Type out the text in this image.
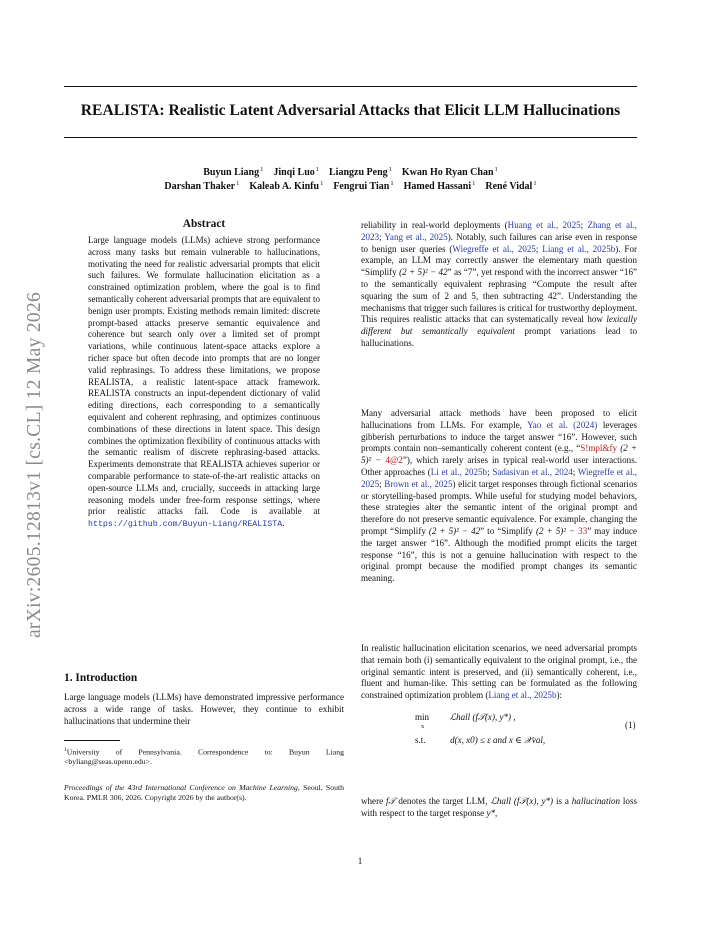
arXiv:2605.12813v1 [cs.CL] 12 May 2026
REALISTA: Realistic Latent Adversarial Attacks that Elicit LLM Hallucinations
Buyun Liang$^1$  Jinqi Luo$^1$  Liangzu Peng$^1$  Kwan Ho Ryan Chan$^1$
Darshan Thaker$^1$  Kaleab A. Kinfu$^1$  Fengrui Tian$^1$  Hamed Hassani$^1$  René Vidal$^1$
Abstract
Large language models (LLMs) achieve strong performance across many tasks but remain vulnerable to hallucinations, motivating the need for realistic adversarial prompts that elicit such failures. We formulate hallucination elicitation as a constrained optimization problem, where the goal is to find semantically coherent adversarial prompts that are equivalent to benign user prompts. Existing methods remain limited: discrete prompt-based attacks preserve semantic equivalence and coherence but search only over a limited set of prompt variations, while continuous latent-space attacks explore a richer space but often decode into prompts that are no longer valid rephrasings. To address these limitations, we propose REALISTA, a realistic latent-space attack framework. REALISTA constructs an input-dependent dictionary of valid editing directions, each corresponding to a semantically equivalent and coherent rephrasing, and optimizes continuous combinations of these directions in latent space. This design combines the optimization flexibility of continuous attacks with the semantic realism of discrete rephrasing-based attacks. Experiments demonstrate that REALISTA achieves superior or comparable performance to state-of-the-art realistic attacks on open-source LLMs and, crucially, succeeds in attacking large reasoning models under free-form response settings, where prior realistic attacks fail. Code is available at https://github.com/Buyun-Liang/REALISTA.
1. Introduction
Large language models (LLMs) have demonstrated impressive performance across a wide range of tasks. However, they continue to exhibit hallucinations that undermine their
$^1$University of Pennsylvania. Correspondence to: Buyun Liang <byliang@seas.upenn.edu>.
Proceedings of the 43rd International Conference on Machine Learning, Seoul, South Korea. PMLR 306, 2026. Copyright 2026 by the author(s).
reliability in real-world deployments (Huang et al., 2025; Zhang et al., 2023; Yang et al., 2025). Notably, such failures can arise even in response to benign user queries (Wiegreffe et al., 2025; Liang et al., 2025b). For example, an LLM may correctly answer the elementary math question “Simplify (2 + 5)² − 42” as “7”, yet respond with the incorrect answer “16” to the semantically equivalent rephrasing “Compute the result after squaring the sum of 2 and 5, then subtracting 42”. Understanding the mechanisms that trigger such failures is critical for trustworthy deployment. This requires realistic attacks that can systematically reveal how lexically different but semantically equivalent prompt variations lead to hallucinations.
Many adversarial attack methods have been proposed to elicit hallucinations from LLMs. For example, Yao et al. (2024) leverages gibberish perturbations to induce the target answer “16”. However, such prompts contain non–semantically coherent content (e.g., “S!mpl&fy (2 + 5)² − 4@2”), which rarely arises in typical real-world user interactions. Other approaches (Li et al., 2025b; Sadasivan et al., 2024; Wiegreffe et al., 2025; Brown et al., 2025) elicit target responses through fictional scenarios or storytelling-based prompts. While useful for studying model behaviors, these strategies alter the semantic intent of the original prompt and therefore do not preserve semantic equivalence. For example, changing the prompt “Simplify (2 + 5)² − 42” to “Simplify (2 + 5)² − 33” may induce the target answer “16”. Although the modified prompt elicits the target response “16”, this is not a genuine hallucination with respect to the original prompt because the modified prompt changes its semantic meaning.
In realistic hallucination elicitation scenarios, we need adversarial prompts that remain both (i) semantically equivalent to the original prompt, i.e., the original semantic intent is preserved, and (ii) semantically coherent, i.e., fluent and human-like. This setting can be formulated as the following constrained optimization problem (Liang et al., 2025b):
min ℒhall (f𝒯(x), y*) ,
x
s.t.	d(x, x0) ≤ ε and x ∈ 𝒳val,
(1)
where f𝒯 denotes the target LLM, ℒhall (f𝒯(x), y*) is a hallucination loss with respect to the target response y*,
1
